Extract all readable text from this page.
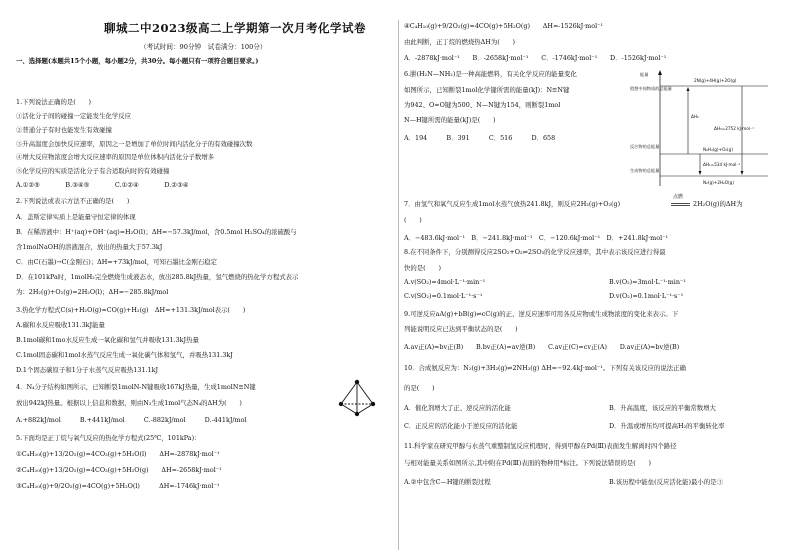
聊城二中2023级高二上学期第一次月考化学试卷
（考试时间：90分钟　试卷满分：100分）
一、选择题(本题共15个小题，每小题2分，共30分。每小题只有一项符合题目要求。)
1.下列说法正确的是(　　)
①活化分子间的碰撞一定能发生化学反应
②普通分子有时也能发生有效碰撞
③升高温度会加快反应速率，原因之一是增加了单位时间内活化分子的有效碰撞次数
④增大反应物浓度会增大反应速率的原因是单位体积内活化分子数增多
⑤化学反应的实质是活化分子有合适取向时的有效碰撞
A.①②⑤　　　　B.③④⑤　　　　C.①②④　　　　D.②③④
2.下列说法或表示方法不正确的是(　　)
A．盖斯定律实质上是能量守恒定律的体现
B．在稀溶液中：H⁺(aq)+OH⁻(aq)=H₂O(l)；ΔH=−57.3kJ/mol，含0.5mol H₂SO₄的浓硫酸与
含1molNaOH的溶液混合，放出的热量大于57.3kJ
C．由C(石墨)→C(金刚石)；ΔH=+73kJ/mol，可知石墨比金刚石稳定
D．在101kPa时，1molH₂完全燃烧生成液态水，放出285.8kJ热量，氢气燃烧的热化学方程式表示
为：2H₂(g)+O₂(g)=2H₂O(l)；ΔH=−285.8kJ/mol
3.热化学方程式C(s)+H₂O(g)=CO(g)+H₂(g)　ΔH=+131.3kJ/mol表示(　　)
A.碳和水反应吸收131.3kJ能量
B.1mol碳和1mo水反应生成一氧化碳和氢气并吸收131.3kJ热量
C.1mol固态碳和1mol水蒸气反应生成一氧化碳气体和氢气，并吸热131.3kJ
D.1个固态碳原子和1分子水蒸气反应吸热131.1kJ
4．N₄分子结构如图所示，已知断裂1molN-N键吸收167kJ热量，生成1molN≡N键
放出942kJ热量。根据以上信息和数据，则由N₂生成1mol气态N₄的ΔH为(　　)
A.+882kJ/mol　　　B.+441kJ/mol　　　C.-882kJ/mol　　　D.-441kJ/mol
5.下面均是正丁烷与氧气反应的热化学方程式(25℃，101kPa)：
①C₄H₁₀(g)+13/2O₂(g)=4CO₂(g)+5H₂O(l)　　ΔH=-2878kJ·mol⁻¹
②C₄H₁₀(g)+13/2O₂(g)=4CO₂(g)+5H₂O(g)　　ΔH=-2658kJ·mol⁻¹
③C₄H₁₀(g)+9/2O₂(g)=4CO(g)+5H₂O(l)　　　ΔH=-1746kJ·mol⁻¹
④C₄H₁₀(g)+9/2O₂(g)=4CO(g)+5H₂O(g)　　ΔH=-1526kJ·mol⁻¹
由此判断，正丁烷的燃烧热ΔH为(　　)
A．-2878kJ·mol⁻¹　　B．-2658kJ·mol⁻¹　　C．-1746kJ·mol⁻¹　　D．-1526kJ·mol⁻¹
6.肼(H₂N—NH₂)是一种高能燃料，有关化学反应的能量变化
如图所示，已知断裂1mol化学键所需的能量(kJ)：N≡N键
为942、O=O键为500、N—N键为154，则断裂1mol
N—H键所需的能量(kJ)是(　　)
A．194　　　B．391　　　C．516　　　D．658
能量
假想中间物质的总能量
2N(g)+4H(g)+2O(g)
ΔH₂
ΔH₃=2752 kJ·mol⁻¹
反应物的总能量
N₂H₄(g)+O₂(g)
ΔH₁=534 kJ·mol⁻¹
生成物的总能量
N₂(g)+2H₂O(g)
7．由氢气和氧气反应生成1mol水蒸气放热241.8kJ，则反应2H₂(g)+O₂(g)
点燃
2H₂O(g)的ΔH为
(　　)
A．−483.6kJ·mol⁻¹　B．−241.8kJ·mol⁻¹　C．−120.6kJ·mol⁻¹　D．+241.8kJ·mol⁻¹
8.在不同条件下，分别测得反应2SO₂+O₂⇌2SO₃的化学反应速率，其中表示该反应进行得最
快的是(　　)
A.v(SO₂)=4mol·L⁻¹·min⁻¹	B.v(O₂)=3mol·L⁻¹·min⁻¹
C.v(SO₂)=0.1mol·L⁻¹·s⁻¹	D.v(O₂)=0.1mol·L⁻¹·s⁻¹
9.可逆反应aA(g)+bB(g)⇌cC(g)的正、逆反应速率可用各反应物或生成物浓度的变化来表示。下
列能说明反应已达到平衡状态的是(　　)
A.av正(A)=bv正(B)　　B.bv正(A)=av逆(B)　　C.av正(C)=cv正(A)　　D.av正(A)=bv逆(B)
10．合成氨反应为：N₂(g)+3H₂(g)⇌2NH₃(g) ΔH=−92.4kJ·mol⁻¹。下列有关该反应的说法正确
的是(　　)
A．催化剂增大了正、逆反应的活化能	B．升高温度，该反应的平衡常数增大
C．正反应的活化能小于逆反应的活化能	D．升温或增压均可提高H₂的平衡转化率
11.科学家在研究甲醇与水蒸气重整制氢反应机理时，得到甲醇在Pd(Ⅲ)表面发生解离时四个路径
与相对能量关系如图所示,其中附在Pd(Ⅲ)表面的物种用*标注。下列说法错误的是(　　)
A.②中包含C—H键的断裂过程	B.该历程中能垒(反应活化能)最小的是③
